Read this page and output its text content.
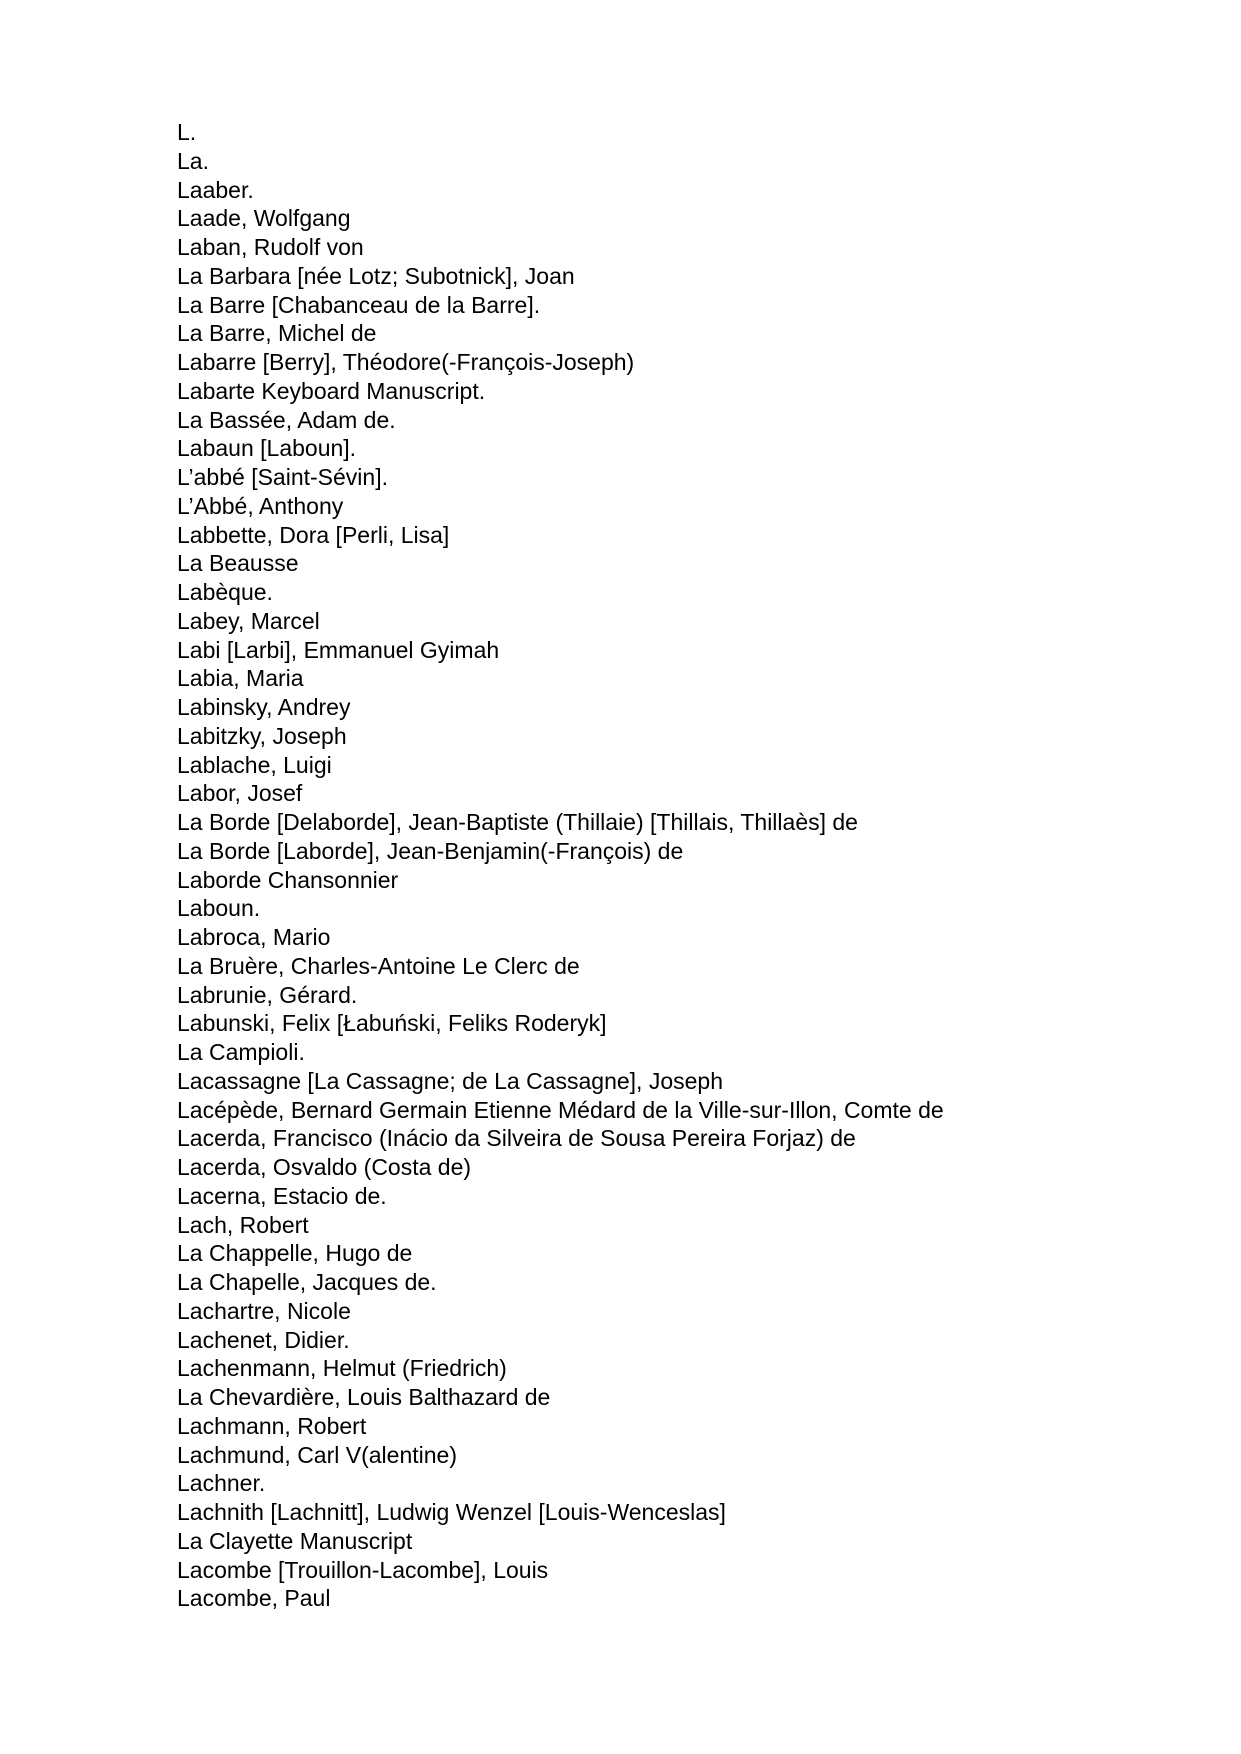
L.
La.
Laaber.
Laade, Wolfgang
Laban, Rudolf von
La Barbara [née Lotz; Subotnick], Joan
La Barre [Chabanceau de la Barre].
La Barre, Michel de
Labarre [Berry], Théodore(-François-Joseph)
Labarte Keyboard Manuscript.
La Bassée, Adam de.
Labaun [Laboun].
L’abbé [Saint-Sévin].
L’Abbé, Anthony
Labbette, Dora [Perli, Lisa]
La Beausse
Labèque.
Labey, Marcel
Labi [Larbi], Emmanuel Gyimah
Labia, Maria
Labinsky, Andrey
Labitzky, Joseph
Lablache, Luigi
Labor, Josef
La Borde [Delaborde], Jean-Baptiste (Thillaie) [Thillais, Thillaès] de
La Borde [Laborde], Jean-Benjamin(-François) de
Laborde Chansonnier
Laboun.
Labroca, Mario
La Bruère, Charles-Antoine Le Clerc de
Labrunie, Gérard.
Labunski, Felix [Łabuński, Feliks Roderyk]
La Campioli.
Lacassagne [La Cassagne; de La Cassagne], Joseph
Lacépède, Bernard Germain Etienne Médard de la Ville-sur-Illon, Comte de
Lacerda, Francisco (Inácio da Silveira de Sousa Pereira Forjaz) de
Lacerda, Osvaldo (Costa de)
Lacerna, Estacio de.
Lach, Robert
La Chappelle, Hugo de
La Chapelle, Jacques de.
Lachartre, Nicole
Lachenet, Didier.
Lachenmann, Helmut (Friedrich)
La Chevardière, Louis Balthazard de
Lachmann, Robert
Lachmund, Carl V(alentine)
Lachner.
Lachnith [Lachnitt], Ludwig Wenzel [Louis-Wenceslas]
La Clayette Manuscript
Lacombe [Trouillon-Lacombe], Louis
Lacombe, Paul
